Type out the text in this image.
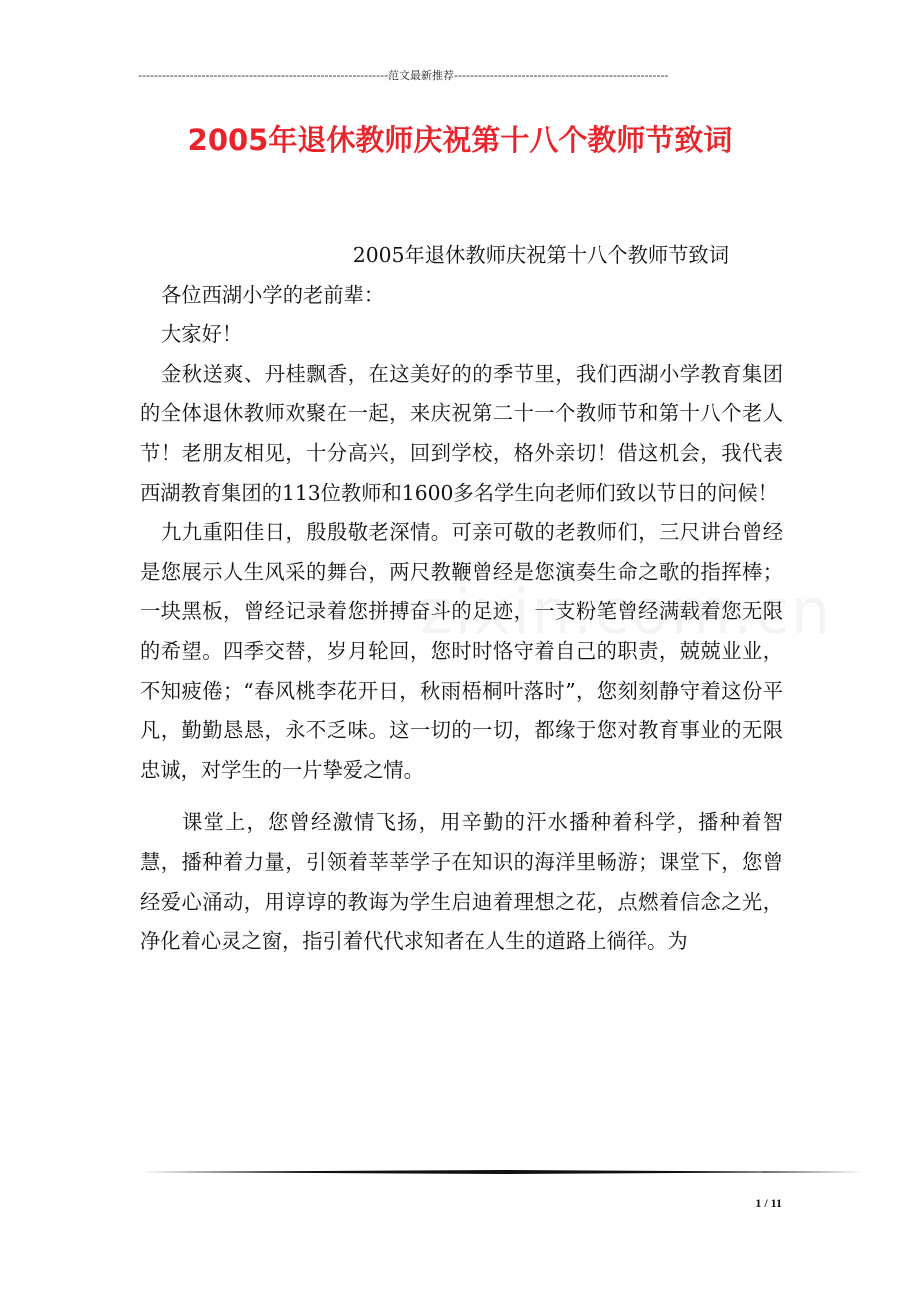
---------------------------------------------------------------范文最新推荐------------------------------------------------------
2005年退休教师庆祝第十八个教师节致词

2005年退休教师庆祝第十八个教师节致词

各位西湖小学的老前辈：

大家好！

金秋送爽、丹桂飘香，在这美好的的季节里，我们西湖小学教育集团的全体退休教师欢聚在一起，来庆祝第二十一个教师节和第十八个老人节！老朋友相见，十分高兴，回到学校，格外亲切！借这机会，我代表西湖教育集团的113位教师和1600多名学生向老师们致以节日的问候！

九九重阳佳日，殷殷敬老深情。可亲可敬的老教师们，三尺讲台曾经是您展示人生风采的舞台，两尺教鞭曾经是您演奏生命之歌的指挥棒；一块黑板，曾经记录着您拼搏奋斗的足迹，一支粉笔曾经满载着您无限的希望。四季交替，岁月轮回，您时时恪守着自己的职责，兢兢业业，不知疲倦；“春风桃李花开日，秋雨梧桐叶落时”，您刻刻静守着这份平凡，勤勤恳恳，永不乏味。这一切的一切，都缘于您对教育事业的无限忠诚，对学生的一片挚爱之情。

课堂上，您曾经激情飞扬，用辛勤的汗水播种着科学，播种着智慧，播种着力量，引领着莘莘学子在知识的海洋里畅游；课堂下，您曾经爱心涌动，用谆谆的教诲为学生启迪着理想之花，点燃着信念之光，净化着心灵之窗，指引着代代求知者在人生的道路上徜徉。为

1 / 11
